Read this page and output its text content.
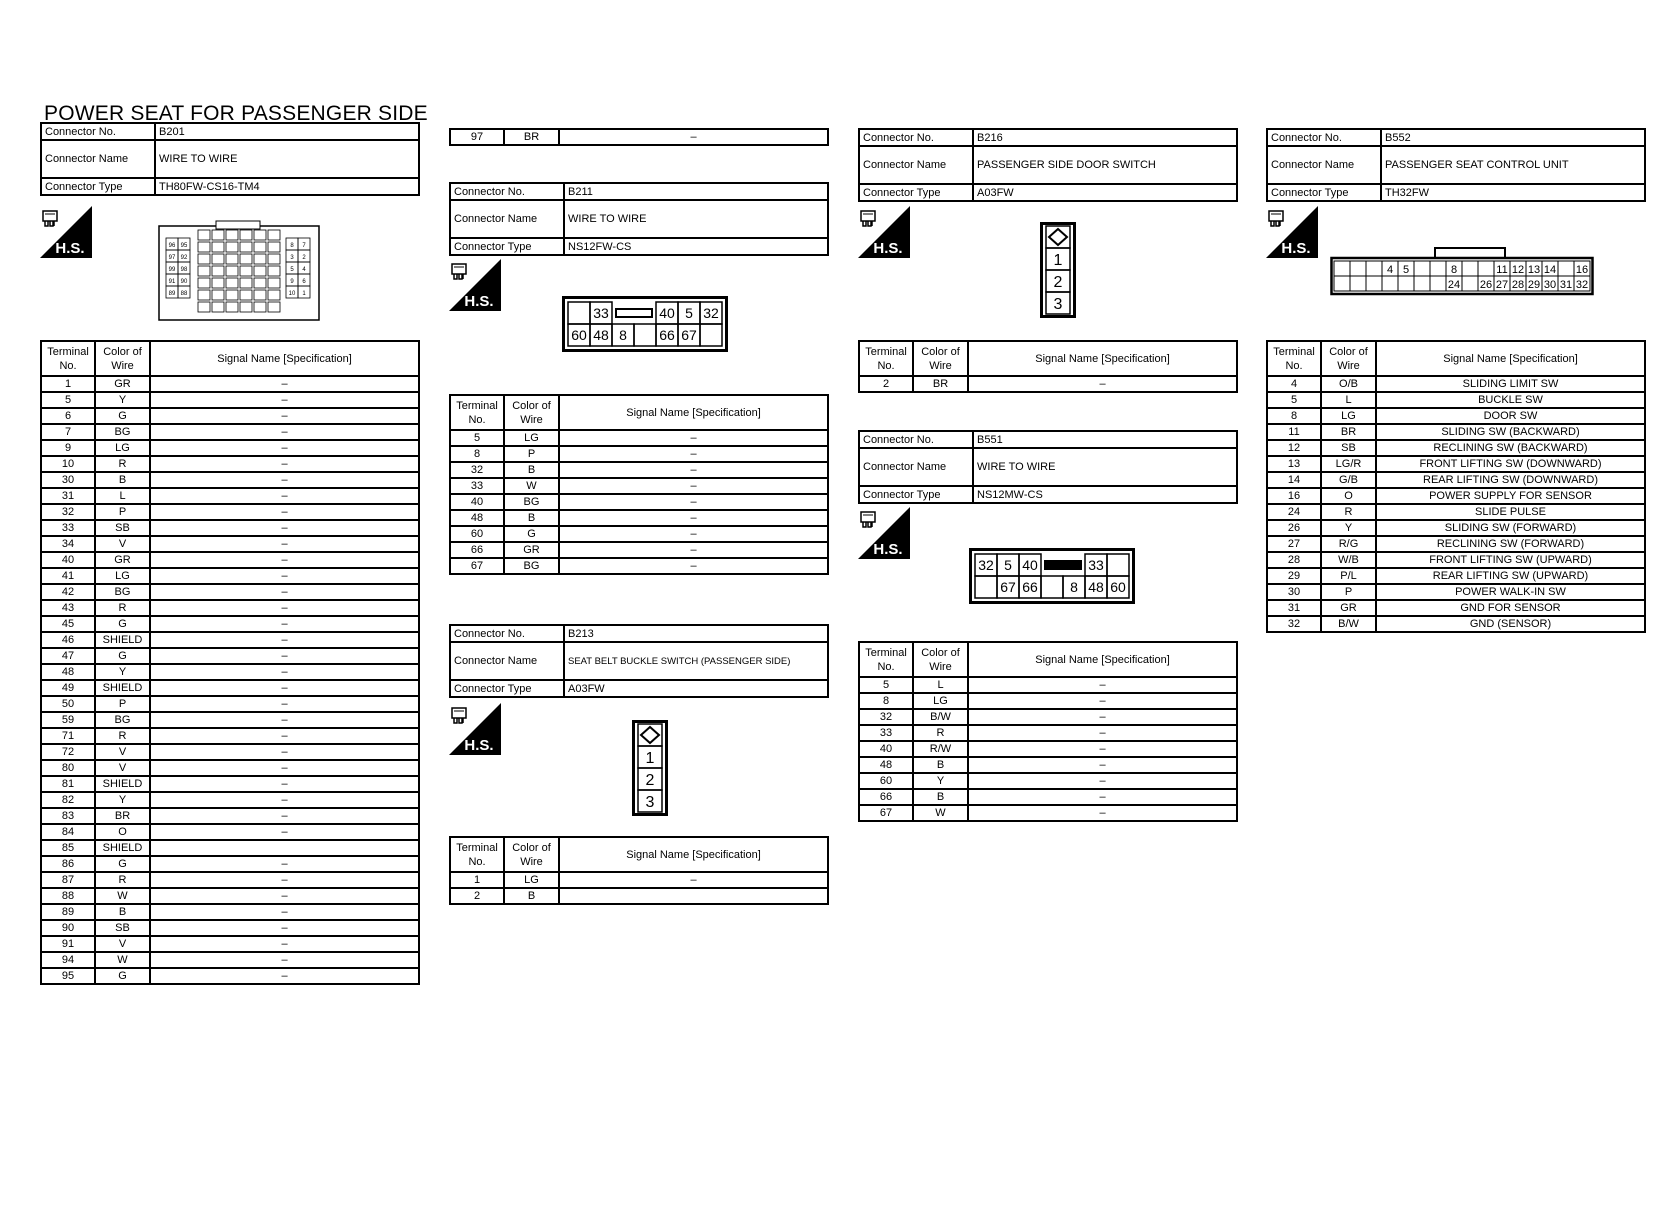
POWER SEAT FOR PASSENGER SIDE
Connector No.	B201
Connector Name	WIRE TO WIRE
Connector Type	TH80FW-CS16-TM4
H.S.	96 95	8 7
97 92	3 2
99 98	5 4
91 90	9 6
89 88	10 1
Terminal No.	Color of Wire	Signal Name [Specification]
1	GR	–
5	Y	–
6	G	–
7	BG	–
9	LG	–
10	R	–
30	B	–
31	L	–
32	P	–
33	SB	–
34	V	–
40	GR	–
41	LG	–
42	BG	–
43	R	–
45	G	–
46	SHIELD	–
47	G	–
48	Y	–
49	SHIELD	–
50	P	–
59	BG	–
71	R	–
72	V	–
80	V	–
81	SHIELD	–
82	Y	–
83	BR	–
84	O	–
85	SHIELD	
86	G	–
87	R	–
88	W	–
89	B	–
90	SB	–
91	V	–
94	W	–
95	G	–
97	BR	–
Connector No.	B211
Connector Name	WIRE TO WIRE
Connector Type	NS12FW-CS
H.S.
33	40 5 32
60 48 8 66 67
Terminal No.	Color of Wire	Signal Name [Specification]
5	LG	–
8	P	–
32	B	–
33	W	–
40	BG	–
48	B	–
60	G	–
66	GR	–
67	BG	–
Connector No.	B213
Connector Name	SEAT BELT BUCKLE SWITCH (PASSENGER SIDE)
Connector Type	A03FW
H.S.
1
2
3
Terminal No.	Color of Wire	Signal Name [Specification]
1	LG	–
2	B	
Connector No.	B216
Connector Name	PASSENGER SIDE DOOR SWITCH
Connector Type	A03FW
H.S.
1
2
3
Terminal No.	Color of Wire	Signal Name [Specification]
2	BR	–
Connector No.	B551
Connector Name	WIRE TO WIRE
Connector Type	NS12MW-CS
H.S.
32 5 40	33
67 66 8 48 60
Terminal No.	Color of Wire	Signal Name [Specification]
5	L	–
8	LG	–
32	B/W	–
33	R	–
40	R/W	–
48	B	–
60	Y	–
66	B	–
67	W	–
Connector No.	B552
Connector Name	PASSENGER SEAT CONTROL UNIT
Connector Type	TH32FW
H.S.
4 5	8
24 26
11
27
12
28
13
29
14
30 31
16
32
Terminal No.	Color of Wire	Signal Name [Specification]
4	O/B	SLIDING LIMIT SW
5	L	BUCKLE SW
8	LG	DOOR SW
11	BR	SLIDING SW (BACKWARD)
12	SB	RECLINING SW (BACKWARD)
13	LG/R	FRONT LIFTING SW (DOWNWARD)
14	G/B	REAR LIFTING SW (DOWNWARD)
16	O	POWER SUPPLY FOR SENSOR
24	R	SLIDE PULSE
26	Y	SLIDING SW (FORWARD)
27	R/G	RECLINING SW (FORWARD)
28	W/B	FRONT LIFTING SW (UPWARD)
29	P/L	REAR LIFTING SW (UPWARD)
30	P	POWER WALK-IN SW
31	GR	GND FOR SENSOR
32	B/W	GND (SENSOR)
